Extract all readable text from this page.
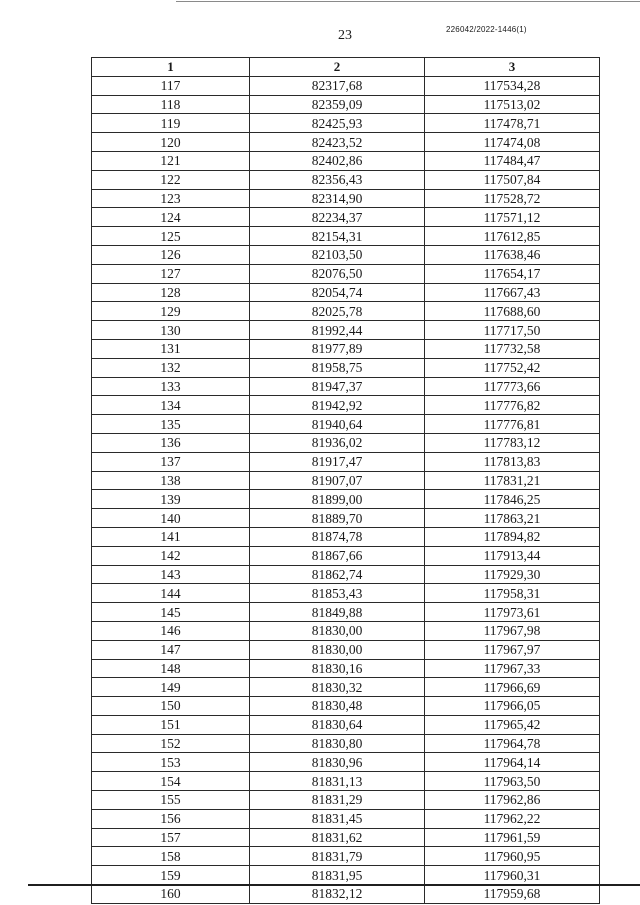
23	226042/2022-1446(1)
1	2	3
117	82317,68	117534,28
118	82359,09	117513,02
119	82425,93	117478,71
120	82423,52	117474,08
121	82402,86	117484,47
122	82356,43	117507,84
123	82314,90	117528,72
124	82234,37	117571,12
125	82154,31	117612,85
126	82103,50	117638,46
127	82076,50	117654,17
128	82054,74	117667,43
129	82025,78	117688,60
130	81992,44	117717,50
131	81977,89	117732,58
132	81958,75	117752,42
133	81947,37	117773,66
134	81942,92	117776,82
135	81940,64	117776,81
136	81936,02	117783,12
137	81917,47	117813,83
138	81907,07	117831,21
139	81899,00	117846,25
140	81889,70	117863,21
141	81874,78	117894,82
142	81867,66	117913,44
143	81862,74	117929,30
144	81853,43	117958,31
145	81849,88	117973,61
146	81830,00	117967,98
147	81830,00	117967,97
148	81830,16	117967,33
149	81830,32	117966,69
150	81830,48	117966,05
151	81830,64	117965,42
152	81830,80	117964,78
153	81830,96	117964,14
154	81831,13	117963,50
155	81831,29	117962,86
156	81831,45	117962,22
157	81831,62	117961,59
158	81831,79	117960,95
159	81831,95	117960,31
160	81832,12	117959,68
